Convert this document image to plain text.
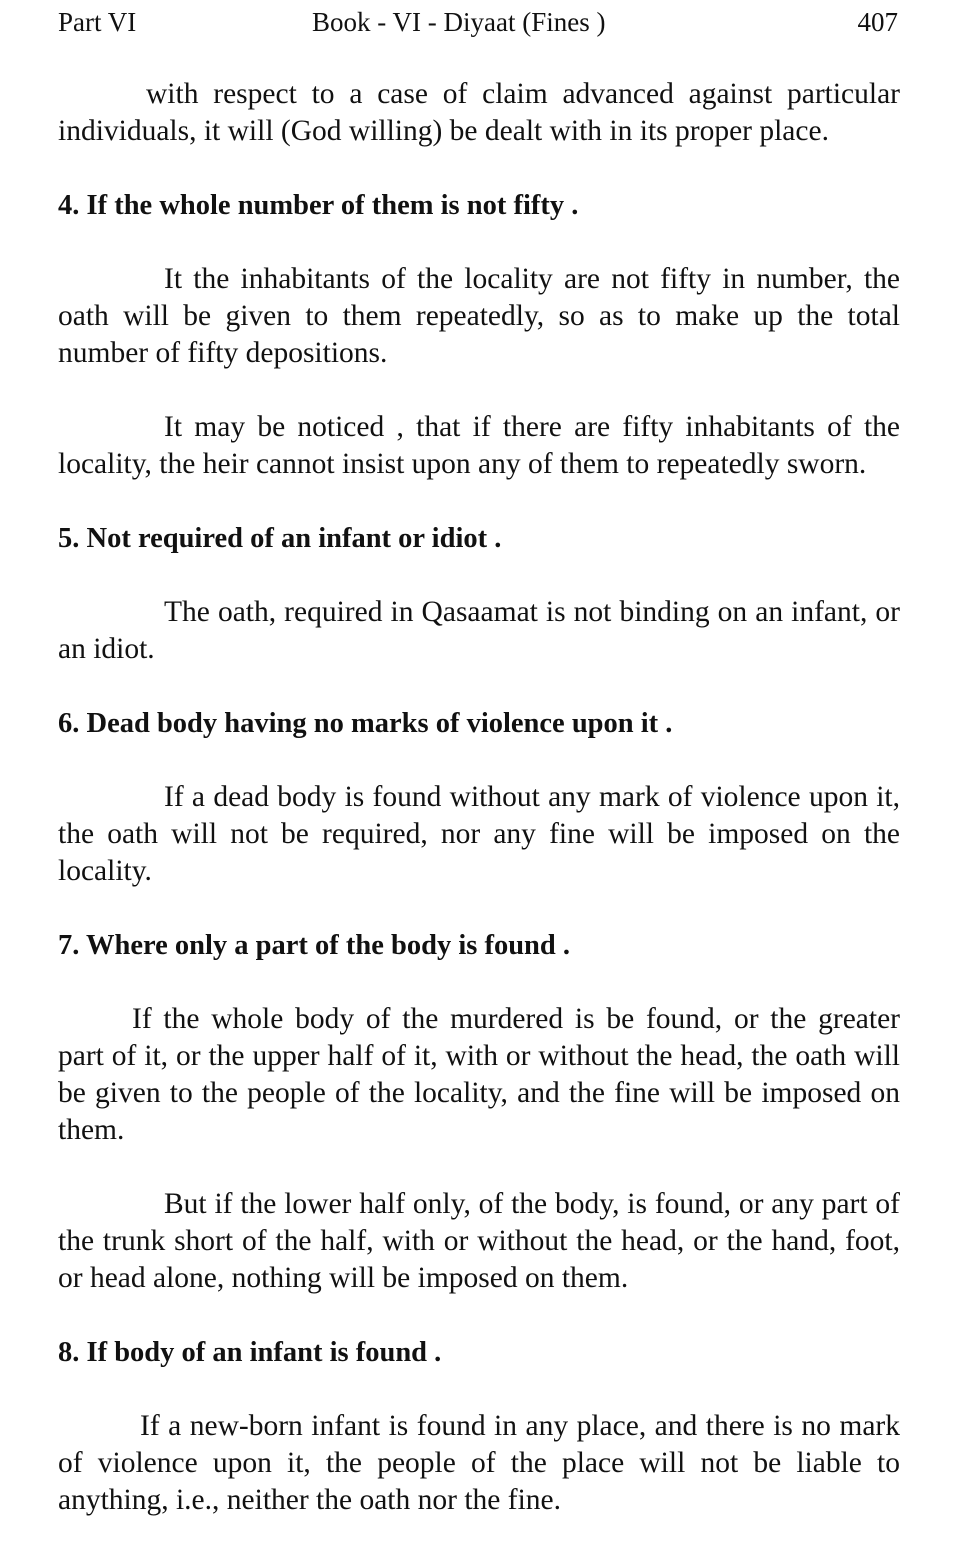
Part VI	Book - VI - Diyaat (Fines )	407

with respect to a case of claim advanced against particular individuals, it will (God willing) be dealt with in its proper place.

4. If the whole number of them is not fifty .

It the inhabitants of the locality are not fifty in number, the oath will be given to them repeatedly, so as to make up the total number of fifty depositions.

It may be noticed , that if there are fifty inhabitants of the locality, the heir cannot insist upon any of them to repeatedly sworn.

5. Not required of an infant or idiot .

The oath, required in Qasaamat is not binding on an infant, or an idiot.

6. Dead body having no marks of violence upon it .

If a dead body is found without any mark of violence upon it, the oath will not be required, nor any fine will be imposed on the locality.

7. Where only a part of the body is found .

If the whole body of the murdered is be found, or the greater part of it, or the upper half of it, with or without the head, the oath will be given to the people of the locality, and the fine will be imposed on them.

But if the lower half only, of the body, is found, or any part of the trunk short of the half, with or without the head, or the hand, foot, or head alone, nothing will be imposed on them.

8. If body of an infant is found .

If a new-born infant is found in any place, and there is no mark of violence upon it, the people of the place will not be liable to anything, i.e., neither the oath nor the fine.
